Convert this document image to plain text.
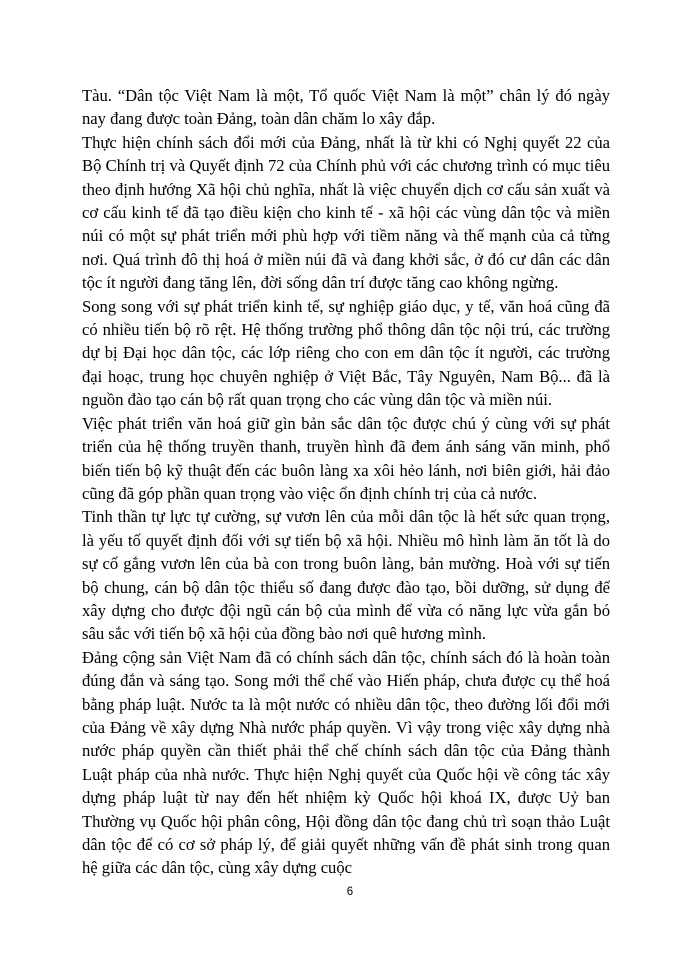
Tàu. “Dân tộc Việt Nam là một, Tổ quốc Việt Nam là một” chân lý đó ngày nay đang được toàn Đảng, toàn dân chăm lo xây đắp.

Thực hiện chính sách đổi mới của Đảng, nhất là từ khi có Nghị quyết 22 của Bộ Chính trị và Quyết định 72 của Chính phủ với các chương trình có mục tiêu theo định hướng Xã hội chủ nghĩa, nhất là việc chuyển dịch cơ cấu sản xuất và cơ cấu kinh tế đã tạo điều kiện cho kinh tế - xã hội các vùng dân tộc và miền núi có một sự phát triển mới phù hợp với tiềm năng và thế mạnh của cả từng nơi. Quá trình đô thị hoá ở miền núi đã và đang khởi sắc, ở đó cư dân các dân tộc ít người đang tăng lên, đời sống dân trí được tăng cao không ngừng.

Song song với sự phát triển kinh tế, sự nghiệp giáo dục, y tế, văn hoá cũng đã có nhiều tiến bộ rõ rệt. Hệ thống trường phổ thông dân tộc nội trú, các trường dự bị Đại học dân tộc, các lớp riêng cho con em dân tộc ít người, các trường đại hoạc, trung học chuyên nghiệp ở Việt Bắc, Tây Nguyên, Nam Bộ... đã là nguồn đào tạo cán bộ rất quan trọng cho các vùng dân tộc và miền núi.

Việc phát triển văn hoá giữ gìn bản sắc dân tộc được chú ý cùng với sự phát triển của hệ thống truyền thanh, truyền hình đã đem ánh sáng văn minh, phổ biến tiến bộ kỹ thuật đến các buôn làng xa xôi hẻo lánh, nơi biên giới, hải đảo cũng đã góp phần quan trọng vào việc ổn định chính trị của cả nước.

Tinh thần tự lực tự cường, sự vươn lên của mỗi dân tộc là hết sức quan trọng, là yếu tố quyết định đối với sự tiến bộ xã hội. Nhiều mô hình làm ăn tốt là do sự cố gắng vươn lên của bà con trong buôn làng, bản mường. Hoà với sự tiến bộ chung, cán bộ dân tộc thiểu số đang được đào tạo, bồi dưỡng, sử dụng để xây dựng cho được đội ngũ cán bộ của mình để vừa có năng lực vừa gắn bó sâu sắc với tiến bộ xã hội của đồng bào nơi quê hương mình.

Đảng cộng sản Việt Nam đã có chính sách dân tộc, chính sách đó là hoàn toàn đúng đắn và sáng tạo. Song mới thể chế vào Hiến pháp, chưa được cụ thể hoá bằng pháp luật. Nước ta là một nước có nhiều dân tộc, theo đường lối đổi mới của Đảng về xây dựng Nhà nước pháp quyền. Vì vậy trong việc xây dựng nhà nước pháp quyền cần thiết phải thể chế chính sách dân tộc của Đảng thành Luật pháp của nhà nước. Thực hiện Nghị quyết của Quốc hội về công tác xây dựng pháp luật từ nay đến hết nhiệm kỳ Quốc hội khoá IX, được Uỷ ban Thường vụ Quốc hội phân công, Hội đồng dân tộc đang chủ trì soạn thảo Luật dân tộc để có cơ sở pháp lý, để giải quyết những vấn đề phát sinh trong quan hệ giữa các dân tộc, cùng xây dựng cuộc

6
